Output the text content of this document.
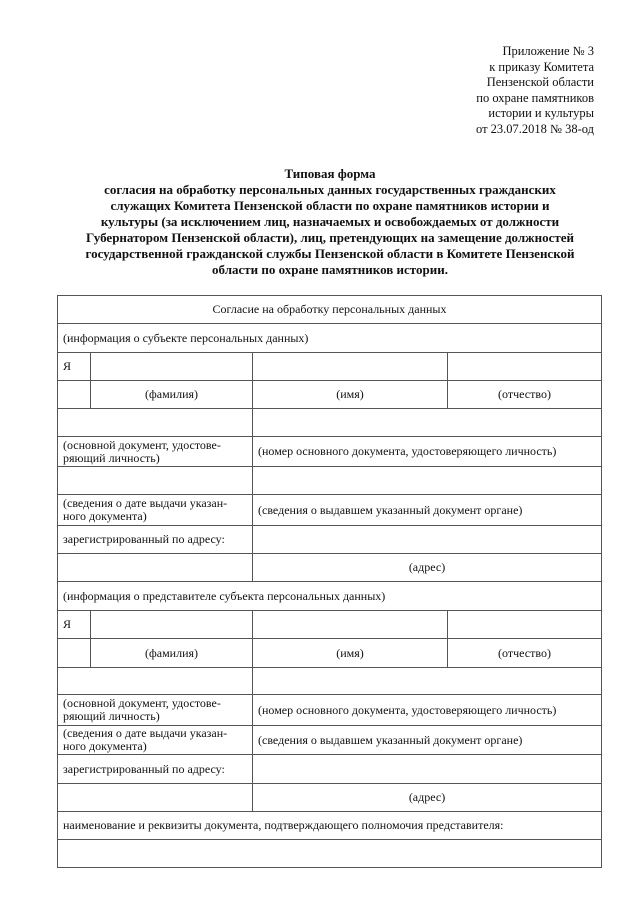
Приложение № 3
к приказу Комитета
Пензенской области
по охране памятников
истории и культуры
от 23.07.2018 № 38-од
Типовая форма
согласия на обработку персональных данных государственных гражданских
служащих Комитета Пензенской области по охране памятников истории и
культуры (за исключением лиц, назначаемых и освобождаемых от должности
Губернатором Пензенской области), лиц, претендующих на замещение должностей
государственной гражданской службы Пензенской области в Комитете Пензенской
области по охране памятников истории.
Согласие на обработку персональных данных			
(информация о субъекте персональных данных)			
Я			
	(фамилия)	(имя)	(отчество)

(основной документ, удостове-ряющий личность)		(номер основного документа, удостоверяющего личность)	

(сведения о дате выдачи указан-ного документа)		(сведения о выдавшем указанный документ органе)	
зарегистрированный по адресу:			
		(адрес)	
(информация о представителе субъекта персональных данных)			
Я			
	(фамилия)	(имя)	(отчество)

(основной документ, удостове-ряющий личность)		(номер основного документа, удостоверяющего личность)	
(сведения о дате выдачи указан-ного документа)		(сведения о выдавшем указанный документ органе)	
зарегистрированный по адресу:			
		(адрес)	
наименование и реквизиты документа, подтверждающего полномочия представителя:			
